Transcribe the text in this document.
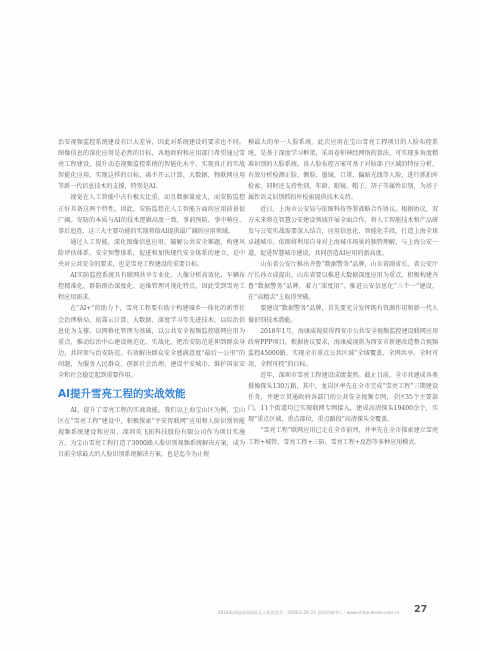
治安视频监控系统建设有巨大差异，因此对系统建设的要求也不同。图像信息的深化应用是必然的目标，各地政府和应用部门希望通过雪亮工程建设，提升动态视频监控系统的智能化水平，实现真正的实战智能化应用，实现这样的目标，离不开云计算、大数据、物联网应用等新一代信息技术的支撑，特别是AI。

视觉在人工智能中占有极大比重，而且数据量庞大，而安防监控正好具备这两个特性。因此，安防监控在人工智能方面的应用前景很广阔。安防的本质与AI的技术逻辑高度一致，事前预防、事中响应、事后追查，这三大主要功能的实现将给AI提供最广阔的应用领域。

通过人工智能，深化图像信息应用，破解公共安全难题，构建风险评估体系、安全预警体系，促进和加快现代安全体系的建立，是中央对公共安全的要求，也是雪亮工程建设的重要目标。

AI实防监控系统具有联网共享专业化、人像分析高效化、车辆布控精准化、群防群治深度化、运维管理可视化特点，因此受到雪亮工程应用需求。

在“AI+”的助力下，雪亮工程要有助于构建城乡一体化的新型社会治理格局，依靠云计算、大数据、深度学习等先进技术，以综治信息化为支撑，以网格化管理为基础，以公共安全视频监控联网应用为重点，推动综治中心建设规范化、实战化，把治安防范延伸到群众身边，共同参与治安防范，有效解决群众安全感满意度“最后一公里”的问题，为服务人民群众、创新社会治理、建设平安城市、维护国家安全和社会稳定起到重要作用。

AI提升雪亮工程的实战效能

AI，提升了雪亮工程的实战效能。我们以上海宝山区为例，宝山区在“雪亮工程”建设中，积极探索“平安智联网”应用和人脸识别智能视频系统建设和应用，深圳英飞拓科技股份有限公司作为项目实施方，为宝山雪亮工程打造了3000路人脸识别视频系统解决方案，成为目前全球最大的人脸识别系统解决方案，也是迄今为止规

模最大的单一人脸系统。此次应用在宝山雪亮工程项目的人脸布控系统，是基于深度学习框架，采用卷积神经网络的算法，可实现多角度精准识别的人脸系统。该人脸布控方案可基于对脸部子区域的特征分析，有效分析检测正脸、侧脸、墨镜、口罩、偏暗光线等人脸，进行抓拍库检索，同时还支持性别、年龄、眼镜、帽子、胡子等属性识别，为基于属性语义识别抓拍库检索提供技术支持。

近日，上海市公安局与依图科技签署战略合作协议。根据协议，双方未来将在智慧公安建设领域开展全面合作，将人工智能技术和产品研发与公安实战需要深入结合，应用信息化、智能化手段，打造上海全球卓越城市。依图将利用自身对上海城市场景的独特理解，与上海公安一道，促进智慧城市建设，共同创造AI应用的新高度。

山东省公安厅推出齐鲁“数据警务”品牌，山东省副省长、省公安厅厅长孙立成提出，山东省要以推进大数据深度应用为重点，积极构建齐鲁“数据警务”品牌，着力“深度用”，推进公安信息化“三个一”建设，在“高精尖”上取得突破。

要建设“数据警务”品牌，首先要充分发挥既有资源作用和新一代人像识别技术潜能。

2018年1月，海康威视获得西安市公共安全视频监控建设联网应用政府PPP项目。根据协议要求，海康威视将为西安市新建改造整合视频监控45000路，实现全市重点公共区域“全域覆盖、全网共享、全时可用、全程可控”的目标。

近年，深圳市雪亮工程建设成绩斐然。截止目前，全市共建成各类摄像探头130万路，其中，龙岗区率先在全市完成“雪亮工程”三期建设任务，并建立贯通政府各部门的公共安全视频专网，全区35个主要部门、11个街道均已实现联网专网接入，建成高清探头19400余个，实现“重点区域、重点部位、重点路段”高清探头全覆盖。

“雪亮工程”联网应用已走在全市前列，并率先在全市探索建立雪亮工程+城管、雪亮工程+三防、雪亮工程+反恐等多种应用模式。

2018第四届深圳国际无人机展览会｜2018.6.20–22 深圳会展中心｜www.china-drone.com.cn 27
